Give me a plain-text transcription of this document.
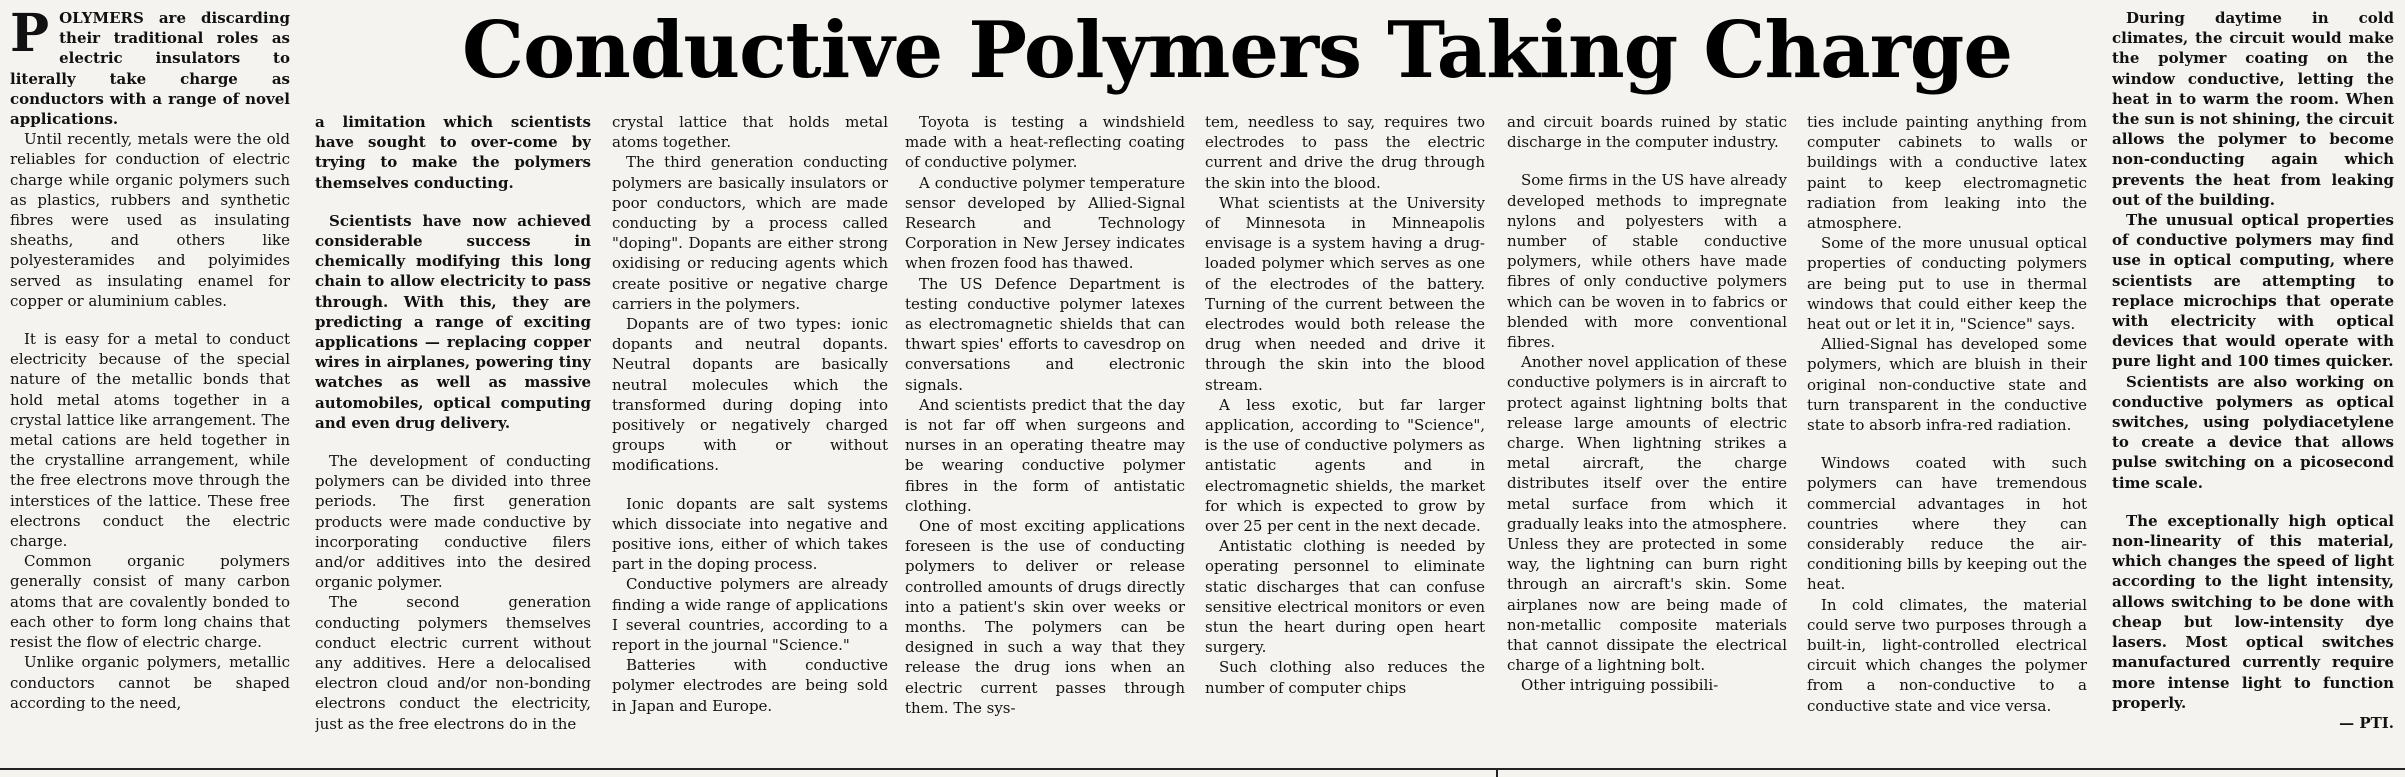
Conductive Polymers Taking Charge

POLYMERS are discarding their traditional roles as electric insulators to literally take charge as conductors with a range of novel applications.

Until recently, metals were the old reliables for conduction of electric charge while organic polymers such as plastics, rubbers and synthetic fibres were used as insulating sheaths, and others like polyesteramides and polyimides served as insulating enamel for copper or aluminium cables.

It is easy for a metal to conduct electricity because of the special nature of the metallic bonds that hold metal atoms together in a crystal lattice like arrangement. The metal cations are held together in the crystalline arrangement, while the free electrons move through the interstices of the lattice. These free electrons conduct the electric charge.

Common organic polymers generally consist of many carbon atoms that are covalently bonded to each other to form long chains that resist the flow of electric charge.

Unlike organic polymers, metallic conductors cannot be shaped according to the need,

a limitation which scientists have sought to over-come by trying to make the polymers themselves conducting.

Scientists have now achieved considerable success in chemically modifying this long chain to allow electricity to pass through. With this, they are predicting a range of exciting applications — replacing copper wires in airplanes, powering tiny watches as well as massive automobiles, optical computing and even drug delivery.

The development of conducting polymers can be divided into three periods. The first generation products were made conductive by incorporating conductive filers and/or additives into the desired organic polymer.

The second generation conducting polymers themselves conduct electric current without any additives. Here a delocalised electron cloud and/or non-bonding electrons conduct the electricity, just as the free electrons do in the

crystal lattice that holds metal atoms together.

The third generation conducting polymers are basically insulators or poor conductors, which are made conducting by a process called "doping". Dopants are either strong oxidising or reducing agents which create positive or negative charge carriers in the polymers.

Dopants are of two types: ionic dopants and neutral dopants. Neutral dopants are basically neutral molecules which the transformed during doping into positively or negatively charged groups with or without modifications.

Ionic dopants are salt systems which dissociate into negative and positive ions, either of which takes part in the doping process.

Conductive polymers are already finding a wide range of applications I several countries, according to a report in the journal "Science."

Batteries with conductive polymer electrodes are being sold in Japan and Europe.

Toyota is testing a windshield made with a heat-reflecting coating of conductive polymer.

A conductive polymer temperature sensor developed by Allied-Signal Research and Technology Corporation in New Jersey indicates when frozen food has thawed.

The US Defence Department is testing conductive polymer latexes as electromagnetic shields that can thwart spies' efforts to cavesdrop on conversations and electronic signals.

And scientists predict that the day is not far off when surgeons and nurses in an operating theatre may be wearing conductive polymer fibres in the form of antistatic clothing.

One of most exciting applications foreseen is the use of conducting polymers to deliver or release controlled amounts of drugs directly into a patient's skin over weeks or months. The polymers can be designed in such a way that they release the drug ions when an electric current passes through them. The sys-

tem, needless to say, requires two electrodes to pass the electric current and drive the drug through the skin into the blood.

What scientists at the University of Minnesota in Minneapolis envisage is a system having a drug-loaded polymer which serves as one of the electrodes of the battery. Turning of the current between the electrodes would both release the drug when needed and drive it through the skin into the blood stream.

A less exotic, but far larger application, according to "Science", is the use of conductive polymers as antistatic agents and in electromagnetic shields, the market for which is expected to grow by over 25 per cent in the next decade.

Antistatic clothing is needed by operating personnel to eliminate static discharges that can confuse sensitive electrical monitors or even stun the heart during open heart surgery.

Such clothing also reduces the number of computer chips

and circuit boards ruined by static discharge in the computer industry.

Some firms in the US have already developed methods to impregnate nylons and polyesters with a number of stable conductive polymers, while others have made fibres of only conductive polymers which can be woven in to fabrics or blended with more conventional fibres.

Another novel application of these conductive polymers is in aircraft to protect against lightning bolts that release large amounts of electric charge. When lightning strikes a metal aircraft, the charge distributes itself over the entire metal surface from which it gradually leaks into the atmosphere. Unless they are protected in some way, the lightning can burn right through an aircraft's skin. Some airplanes now are being made of non-metallic composite materials that cannot dissipate the electrical charge of a lightning bolt.

Other intriguing possibili-

ties include painting anything from computer cabinets to walls or buildings with a conductive latex paint to keep electromagnetic radiation from leaking into the atmosphere.

Some of the more unusual optical properties of conducting polymers are being put to use in thermal windows that could either keep the heat out or let it in, "Science" says.

Allied-Signal has developed some polymers, which are bluish in their original non-conductive state and turn transparent in the conductive state to absorb infra-red radiation.

Windows coated with such polymers can have tremendous commercial advantages in hot countries where they can considerably reduce the air-conditioning bills by keeping out the heat.

In cold climates, the material could serve two purposes through a built-in, light-controlled electrical circuit which changes the polymer from a non-conductive to a conductive state and vice versa.

During daytime in cold climates, the circuit would make the polymer coating on the window conductive, letting the heat in to warm the room. When the sun is not shining, the circuit allows the polymer to become non-conducting again which prevents the heat from leaking out of the building.

The unusual optical properties of conductive polymers may find use in optical computing, where scientists are attempting to replace microchips that operate with electricity with optical devices that would operate with pure light and 100 times quicker.

Scientists are also working on conductive polymers as optical switches, using polydiacetylene to create a device that allows pulse switching on a picosecond time scale.

The exceptionally high optical non-linearity of this material, which changes the speed of light according to the light intensity, allows switching to be done with cheap but low-intensity dye lasers. Most optical switches manufactured currently require more intense light to function properly.

— PTI.
